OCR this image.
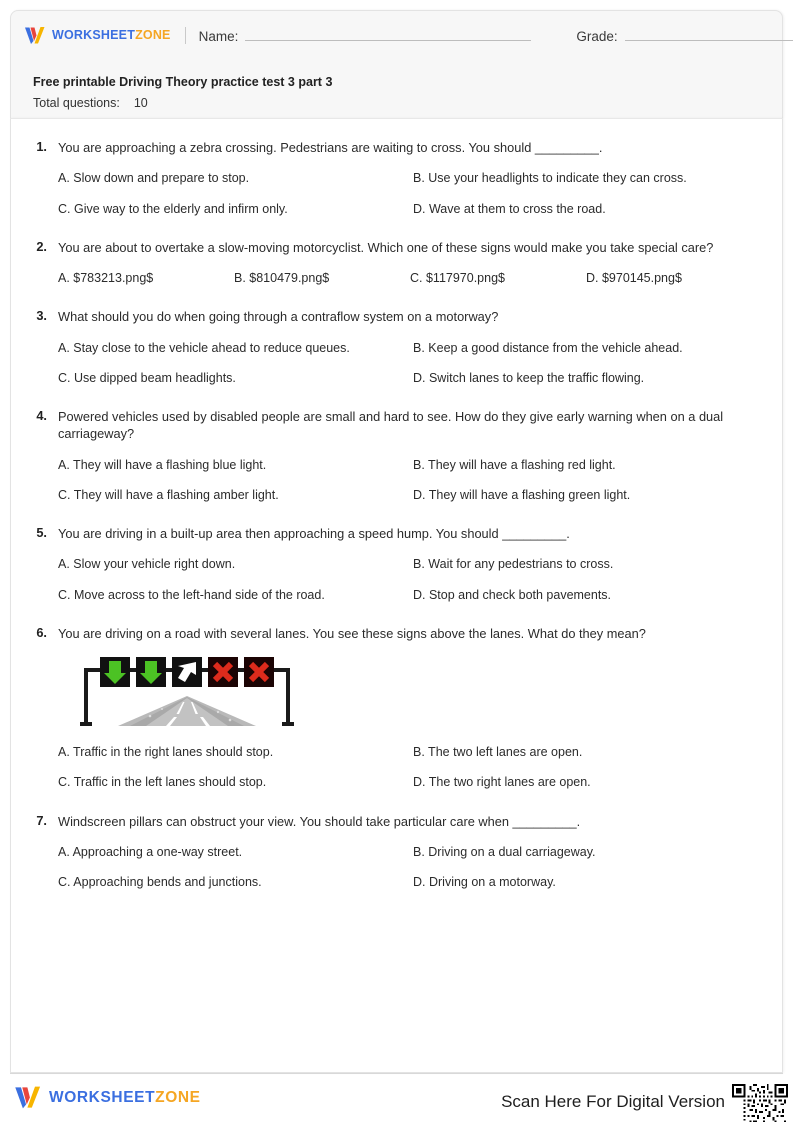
WORKSHEETZONE Name:	Grade:
Free printable Driving Theory practice test 3 part 3
Total questions: 10
1. You are approaching a zebra crossing. Pedestrians are waiting to cross. You should _________.
A. Slow down and prepare to stop.	B. Use your headlights to indicate they can cross.
C. Give way to the elderly and infirm only.	D. Wave at them to cross the road.
2. You are about to overtake a slow-moving motorcyclist. Which one of these signs would make you take special care?
A. $783213.png$	B. $810479.png$	C. $117970.png$	D. $970145.png$
3. What should you do when going through a contraflow system on a motorway?
A. Stay close to the vehicle ahead to reduce queues.	B. Keep a good distance from the vehicle ahead.
C. Use dipped beam headlights.	D. Switch lanes to keep the traffic flowing.
4. Powered vehicles used by disabled people are small and hard to see. How do they give early warning when on a dual carriageway?
A. They will have a flashing blue light.	B. They will have a flashing red light.
C. They will have a flashing amber light.	D. They will have a flashing green light.
5. You are driving in a built-up area then approaching a speed hump. You should _________.
A. Slow your vehicle right down.	B. Wait for any pedestrians to cross.
C. Move across to the left-hand side of the road.	D. Stop and check both pavements.
6. You are driving on a road with several lanes. You see these signs above the lanes. What do they mean?
A. Traffic in the right lanes should stop.	B. The two left lanes are open.
C. Traffic in the left lanes should stop.	D. The two right lanes are open.
7. Windscreen pillars can obstruct your view. You should take particular care when _________.
A. Approaching a one-way street.	B. Driving on a dual carriageway.
C. Approaching bends and junctions.	D. Driving on a motorway.
WORKSHEETZONE	Scan Here For Digital Version
